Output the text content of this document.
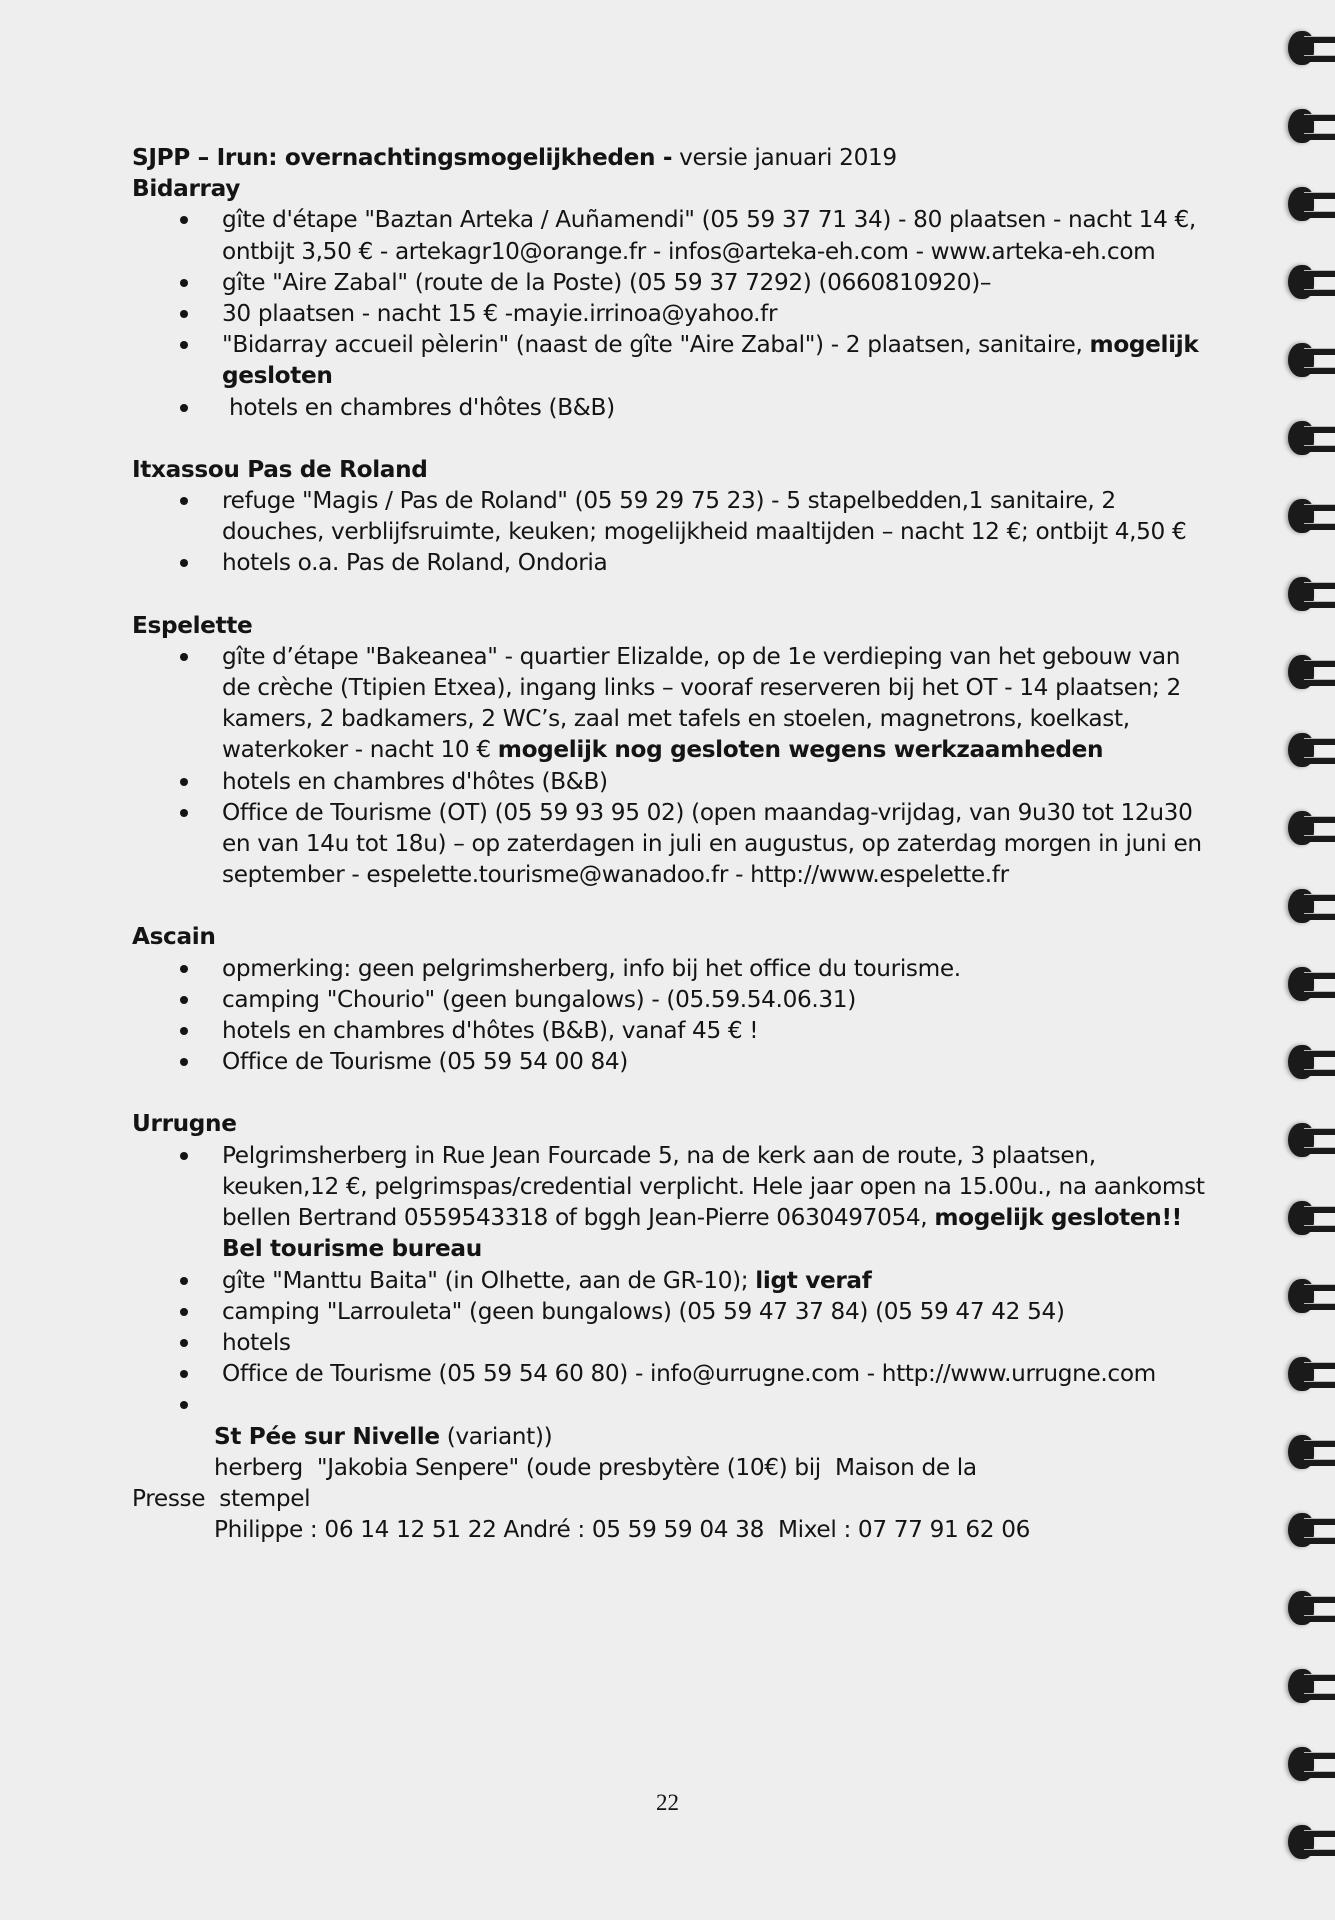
SJPP – Irun: overnachtingsmogelijkheden - versie januari 2019
Bidarray
gîte d'étape "Baztan Arteka / Auñamendi" (05 59 37 71 34) - 80 plaatsen - nacht 14 €, ontbijt 3,50 € - artekagr10@orange.fr - infos@arteka-eh.com - www.arteka-eh.com
gîte "Aire Zabal" (route de la Poste) (05 59 37 7292) (0660810920)–
30 plaatsen - nacht 15 € -mayie.irrinoa@yahoo.fr
"Bidarray accueil pèlerin" (naast de gîte "Aire Zabal") - 2 plaatsen, sanitaire, mogelijk gesloten
hotels en chambres d'hôtes (B&B)
Itxassou Pas de Roland
refuge "Magis / Pas de Roland" (05 59 29 75 23) - 5 stapelbedden,1 sanitaire, 2 douches, verblijfsruimte, keuken; mogelijkheid maaltijden – nacht 12 €; ontbijt 4,50 €
hotels o.a. Pas de Roland, Ondoria
Espelette
gîte d’étape "Bakeanea" - quartier Elizalde, op de 1e verdieping van het gebouw van de crèche (Ttipien Etxea), ingang links – vooraf reserveren bij het OT - 14 plaatsen; 2 kamers, 2 badkamers, 2 WC’s, zaal met tafels en stoelen, magnetrons, koelkast, waterkoker - nacht 10 € mogelijk nog gesloten wegens werkzaamheden
hotels en chambres d'hôtes (B&B)
Office de Tourisme (OT) (05 59 93 95 02) (open maandag-vrijdag, van 9u30 tot 12u30 en van 14u tot 18u) – op zaterdagen in juli en augustus, op zaterdag morgen in juni en september - espelette.tourisme@wanadoo.fr - http://www.espelette.fr
Ascain
opmerking: geen pelgrimsherberg, info bij het office du tourisme.
camping "Chourio" (geen bungalows) - (05.59.54.06.31)
hotels en chambres d'hôtes (B&B), vanaf 45 € !
Office de Tourisme (05 59 54 00 84)
Urrugne
Pelgrimsherberg in Rue Jean Fourcade 5, na de kerk aan de route, 3 plaatsen, keuken,12 €, pelgrimspas/credential verplicht. Hele jaar open na 15.00u., na aankomst bellen Bertrand 0559543318 of bggh Jean-Pierre 0630497054, mogelijk gesloten!! Bel tourisme bureau
gîte "Manttu Baita" (in Olhette, aan de GR-10); ligt veraf
camping "Larrouleta" (geen bungalows) (05 59 47 37 84) (05 59 47 42 54)
hotels
Office de Tourisme (05 59 54 60 80) - info@urrugne.com - http://www.urrugne.com

St Pée sur Nivelle (variant))
herberg  "Jakobia Senpere" (oude presbytère (10€) bij  Maison de la
Presse  stempel
Philippe : 06 14 12 51 22 André : 05 59 59 04 38  Mixel : 07 77 91 62 06
22
